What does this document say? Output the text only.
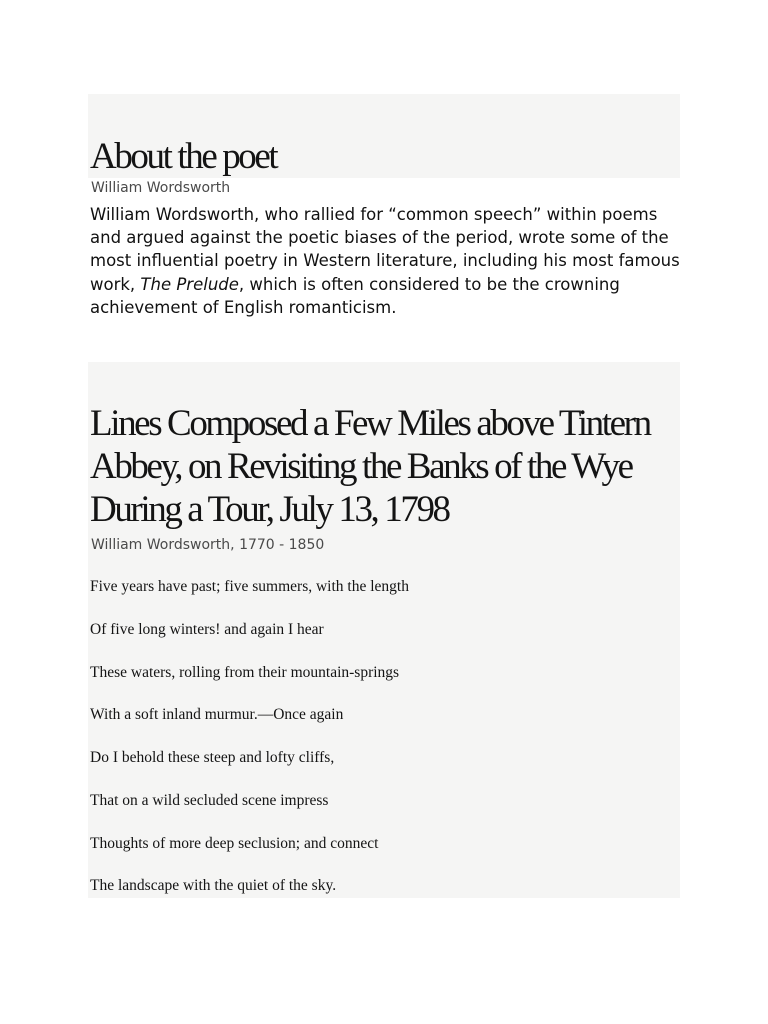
About the poet
William Wordsworth

William Wordsworth, who rallied for “common speech” within poems and argued against the poetic biases of the period, wrote some of the most influential poetry in Western literature, including his most famous work, The Prelude, which is often considered to be the crowning achievement of English romanticism.

Lines Composed a Few Miles above Tintern Abbey, on Revisiting the Banks of the Wye During a Tour, July 13, 1798
William Wordsworth, 1770 - 1850

Five years have past; five summers, with the length

Of five long winters! and again I hear

These waters, rolling from their mountain-springs

With a soft inland murmur.—Once again

Do I behold these steep and lofty cliffs,

That on a wild secluded scene impress

Thoughts of more deep seclusion; and connect

The landscape with the quiet of the sky.
